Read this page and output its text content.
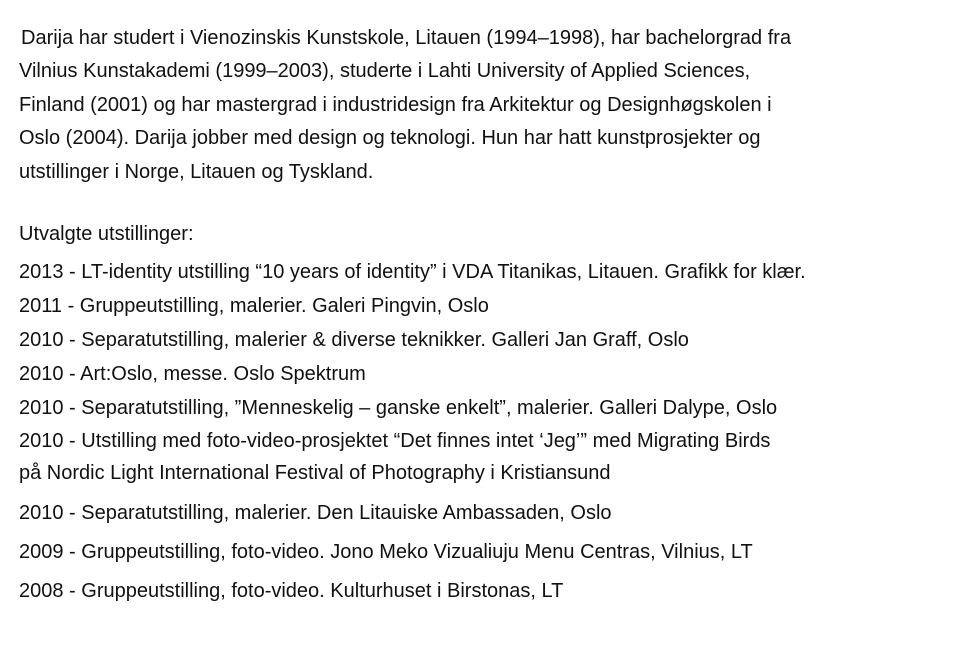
Darija har studert i Vienozinskis Kunstskole, Litauen (1994–1998), har bachelorgrad fra
Vilnius Kunstakademi (1999–2003), studerte i Lahti University of Applied Sciences,
Finland (2001) og har mastergrad i industridesign fra Arkitektur og Designhøgskolen i
Oslo (2004). Darija jobber med design og teknologi. Hun har hatt kunstprosjekter og
utstillinger i Norge, Litauen og Tyskland.
Utvalgte utstillinger:
2013 - LT-identity utstilling “10 years of identity” i VDA Titanikas, Litauen. Grafikk for klær.
2011 - Gruppeutstilling, malerier. Galeri Pingvin, Oslo
2010 - Separatutstilling, malerier & diverse teknikker. Galleri Jan Graff, Oslo
2010 - Art:Oslo, messe. Oslo Spektrum
2010 - Separatutstilling, ”Menneskelig – ganske enkelt”, malerier. Galleri Dalype, Oslo
2010 - Utstilling med foto-video-prosjektet “Det finnes intet ‘Jeg’” med Migrating Birds
på Nordic Light International Festival of Photography i Kristiansund
2010 - Separatutstilling, malerier. Den Litauiske Ambassaden, Oslo
2009 - Gruppeutstilling, foto-video. Jono Meko Vizualiuju Menu Centras, Vilnius, LT
2008 - Gruppeutstilling, foto-video. Kulturhuset i Birstonas, LT
